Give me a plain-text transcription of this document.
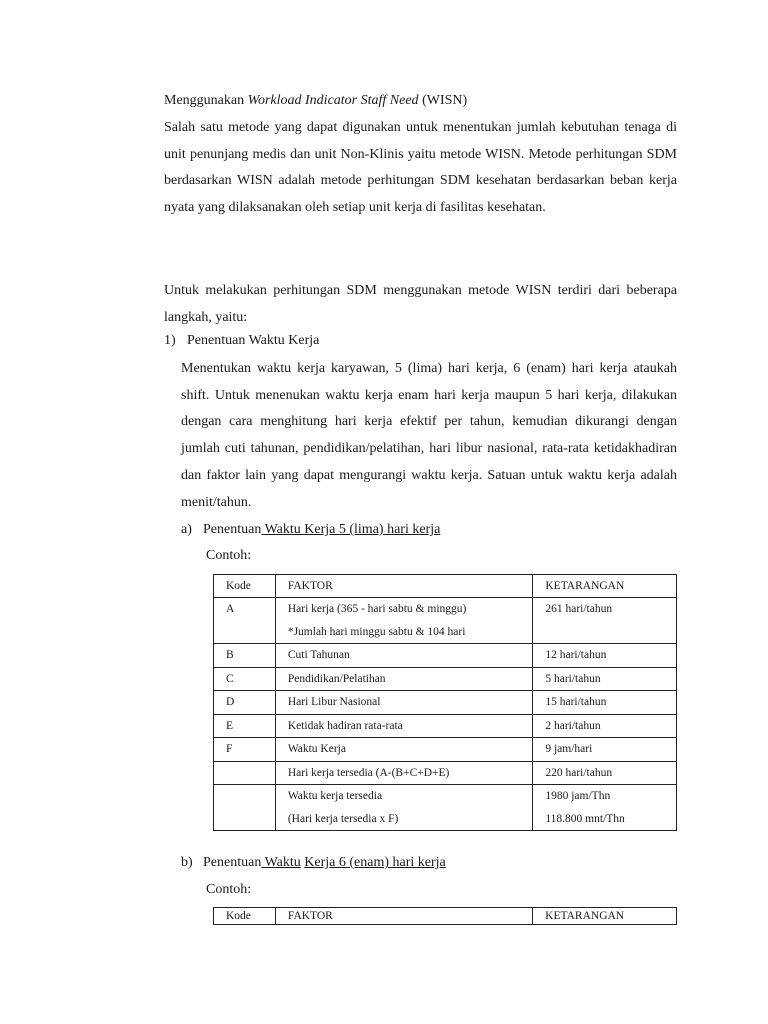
Menggunakan Workload Indicator Staff Need (WISN)
Salah satu metode yang dapat digunakan untuk menentukan jumlah kebutuhan tenaga di unit penunjang medis dan unit Non-Klinis yaitu metode WISN. Metode perhitungan SDM berdasarkan WISN adalah metode perhitungan SDM kesehatan berdasarkan beban kerja nyata yang dilaksanakan oleh setiap unit kerja di fasilitas kesehatan.
Untuk melakukan perhitungan SDM menggunakan metode WISN terdiri dari beberapa langkah, yaitu:
1) Penentuan Waktu Kerja
Menentukan waktu kerja karyawan, 5 (lima) hari kerja, 6 (enam) hari kerja ataukah shift. Untuk menenukan waktu kerja enam hari kerja maupun 5 hari kerja, dilakukan dengan cara menghitung hari kerja efektif per tahun, kemudian dikurangi dengan jumlah cuti tahunan, pendidikan/pelatihan, hari libur nasional, rata-rata ketidakhadiran dan faktor lain yang dapat mengurangi waktu kerja. Satuan untuk waktu kerja adalah menit/tahun.
a) Penentuan Waktu Kerja 5 (lima) hari kerja
Contoh:
Kode	FAKTOR	KETARANGAN

A	Hari kerja (365 - hari sabtu & minggu)
*Jumlah hari minggu sabtu & 104 hari	261 hari/tahun

B	Cuti Tahunan	12 hari/tahun

C	Pendidikan/Pelatihan	5 hari/tahun

D	Hari Libur Nasional	15 hari/tahun

E	Ketidak hadiran rata-rata	2 hari/tahun

F	Waktu Kerja	9 jam/hari

	Hari kerja tersedia (A-(B+C+D+E)	220 hari/tahun

	Waktu kerja tersedia
(Hari kerja tersedia x F)	1980 jam/Thn
118.800 mnt/Thn
b) Penentuan Waktu Kerja 6 (enam) hari kerja
Contoh:
Kode	FAKTOR	KETARANGAN
